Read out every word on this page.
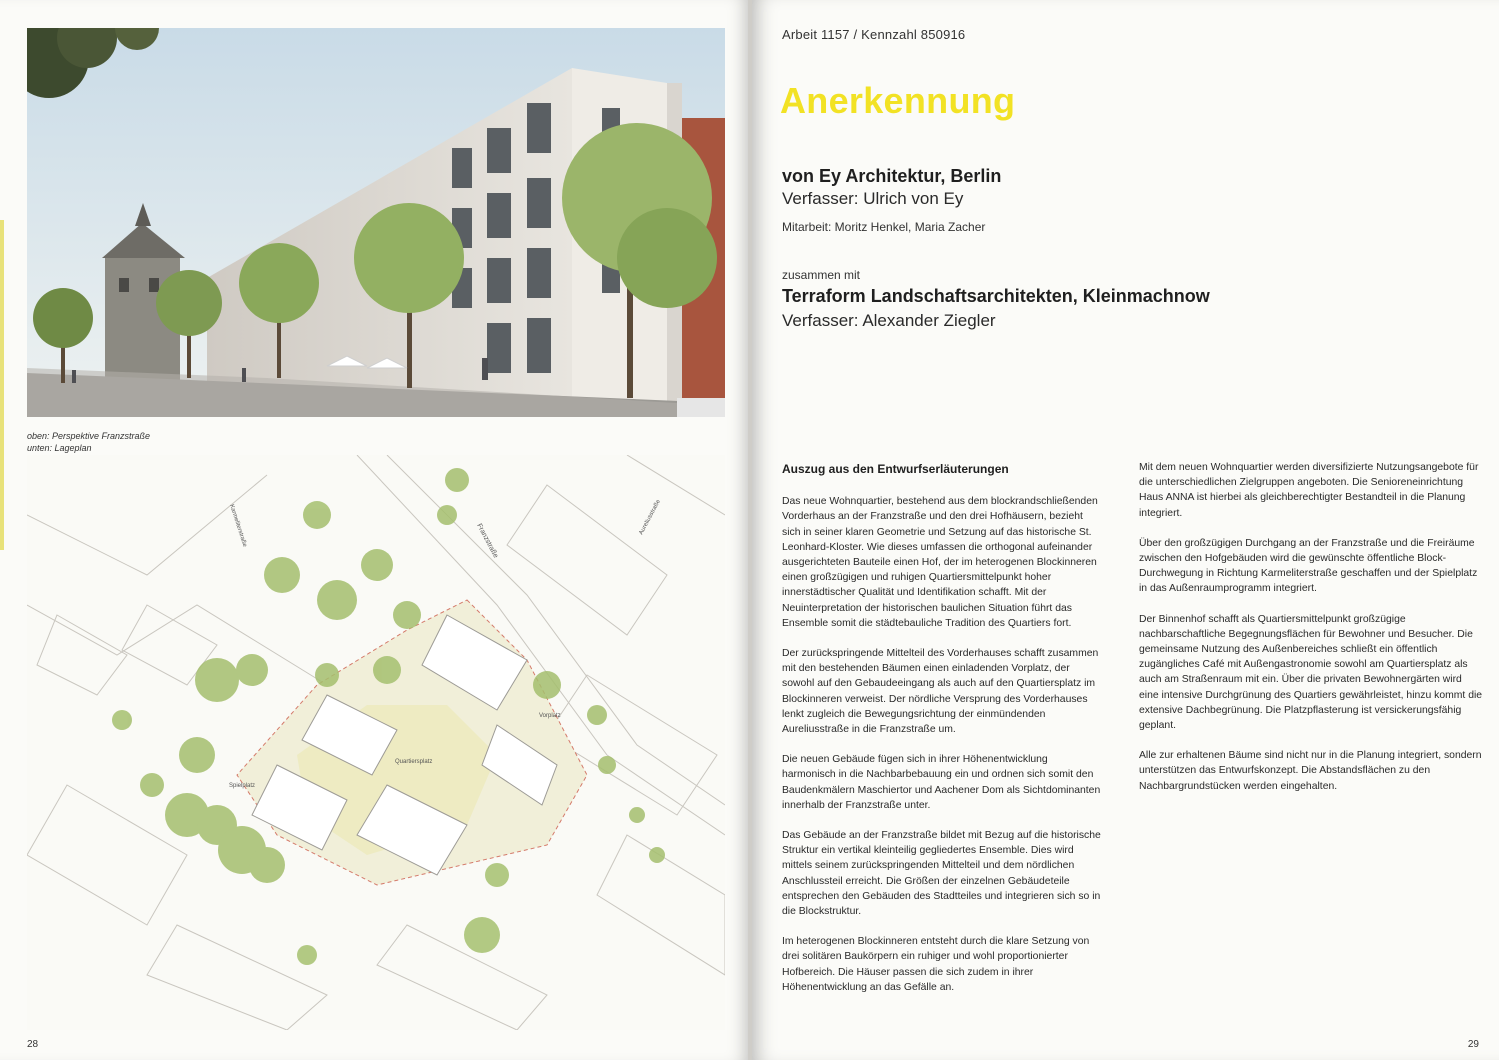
oben: Perspektive Franzstraße
unten: Lageplan
Franzstraße
Karmeliterstraße	Aureliusstraße
Vorplatz
Quartiersplatz
Spielplatz
28
Arbeit 1157 / Kennzahl 850916
Anerkennung
von Ey Architektur, Berlin
Verfasser: Ulrich von Ey
Mitarbeit: Moritz Henkel, Maria Zacher
zusammen mit
Terraform Landschaftsarchitekten, Kleinmachnow
Verfasser: Alexander Ziegler
Auszug aus den Entwurfserläuterungen

Das neue Wohnquartier, bestehend aus dem blockrandschließenden Vorderhaus an der Franzstraße und den drei Hofhäusern, bezieht sich in seiner klaren Geometrie und Setzung auf das historische St. Leonhard-Kloster. Wie dieses umfassen die orthogonal aufeinander ausgerichteten Bauteile einen Hof, der im heterogenen Blockinneren einen großzügigen und ruhigen Quartiersmittelpunkt hoher innerstädtischer Qualität und Identifikation schafft. Mit der Neuinterpretation der historischen baulichen Situation führt das Ensemble somit die städtebauliche Tradition des Quartiers fort.

Der zurückspringende Mittelteil des Vorderhauses schafft zusammen mit den bestehenden Bäumen einen einladenden Vorplatz, der sowohl auf den Gebaudeeingang als auch auf den Quartiersplatz im Blockinneren verweist. Der nördliche Versprung des Vorderhauses lenkt zugleich die Bewegungsrichtung der einmündenden Aureliusstraße in die Franzstraße um.

Die neuen Gebäude fügen sich in ihrer Höhenentwicklung harmonisch in die Nachbarbebauung ein und ordnen sich somit den Baudenkmälern Maschiertor und Aachener Dom als Sichtdominanten innerhalb der Franzstraße unter.

Das Gebäude an der Franzstraße bildet mit Bezug auf die historische Struktur ein vertikal kleinteilig gegliedertes Ensemble. Dies wird mittels seinem zurückspringenden Mittelteil und dem nördlichen Anschlussteil erreicht. Die Größen der einzelnen Gebäudeteile entsprechen den Gebäuden des Stadtteiles und integrieren sich so in die Blockstruktur.

Im heterogenen Blockinneren entsteht durch die klare Setzung von drei solitären Baukörpern ein ruhiger und wohl proportionierter Hofbereich. Die Häuser passen die sich zudem in ihrer Höhenentwicklung an das Gefälle an.

Mit dem neuen Wohnquartier werden diversifizierte Nutzungsangebote für die unterschiedlichen Zielgruppen angeboten. Die Senioreneinrichtung Haus ANNA ist hierbei als gleichberechtigter Bestandteil in die Planung integriert.

Über den großzügigen Durchgang an der Franzstraße und die Freiräume zwischen den Hofgebäuden wird die gewünschte öffentliche Block-Durchwegung in Richtung Karmeliterstraße geschaffen und der Spielplatz in das Außenraumprogramm integriert.

Der Binnenhof schafft als Quartiersmittelpunkt großzügige nachbarschaftliche Begegnungsflächen für Bewohner und Besucher. Die gemeinsame Nutzung des Außenbereiches schließt ein öffentlich zugängliches Café mit Außengastronomie sowohl am Quartiersplatz als auch am Straßenraum mit ein. Über die privaten Bewohnergärten wird eine intensive Durchgrünung des Quartiers gewährleistet, hinzu kommt die extensive Dachbegrünung. Die Platzpflasterung ist versickerungsfähig geplant.

Alle zur erhaltenen Bäume sind nicht nur in die Planung integriert, sondern unterstützen das Entwurfskonzept. Die Abstandsflächen zu den Nachbargrundstücken werden eingehalten.

29
